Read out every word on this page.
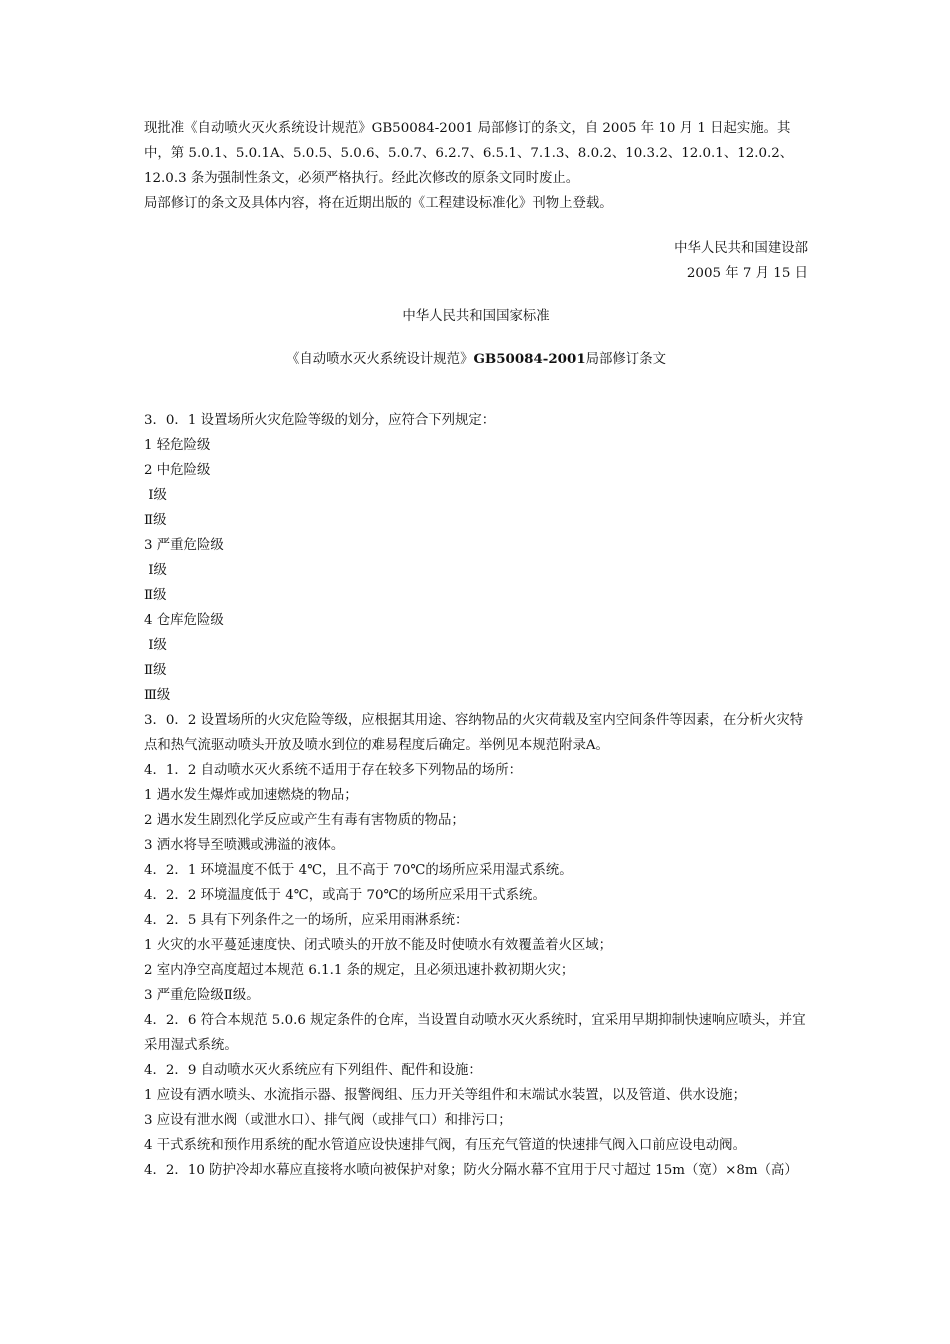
现批准《自动喷火灭火系统设计规范》GB50084-2001 局部修订的条文，自 2005 年 10 月 1 日起实施。其中，第 5.0.1、5.0.1A、5.0.5、5.0.6、5.0.7、6.2.7、6.5.1、7.1.3、8.0.2、10.3.2、12.0.1、12.0.2、12.0.3 条为强制性条文，必须严格执行。经此次修改的原条文同时废止。

局部修订的条文及具体内容，将在近期出版的《工程建设标准化》刊物上登载。

中华人民共和国建设部

2005 年 7 月 15 日

中华人民共和国国家标准

《自动喷水灭火系统设计规范》GB50084-2001局部修订条文

3．0．1 设置场所火灾危险等级的划分，应符合下列规定：

1 轻危险级

2 中危险级

Ⅰ级

Ⅱ级

3 严重危险级

Ⅰ级

Ⅱ级

4 仓库危险级

Ⅰ级

Ⅱ级

Ⅲ级

3．0．2 设置场所的火灾危险等级，应根据其用途、容纳物品的火灾荷载及室内空间条件等因素，在分析火灾特点和热气流驱动喷头开放及喷水到位的难易程度后确定。举例见本规范附录A。

4．1．2 自动喷水灭火系统不适用于存在较多下列物品的场所：

1 遇水发生爆炸或加速燃烧的物品；

2 遇水发生剧烈化学反应或产生有毒有害物质的物品；

3 洒水将导至喷溅或沸溢的液体。

4．2．1 环境温度不低于 4℃，且不高于 70℃的场所应采用湿式系统。

4．2．2 环境温度低于 4℃，或高于 70℃的场所应采用干式系统。

4．2．5 具有下列条件之一的场所，应采用雨淋系统：

1 火灾的水平蔓延速度快、闭式喷头的开放不能及时使喷水有效覆盖着火区域；

2 室内净空高度超过本规范 6.1.1 条的规定，且必须迅速扑救初期火灾；

3 严重危险级Ⅱ级。

4．2．6 符合本规范 5.0.6 规定条件的仓库，当设置自动喷水灭火系统时，宜采用早期抑制快速响应喷头，并宜采用湿式系统。

4．2．9 自动喷水灭火系统应有下列组件、配件和设施：

1 应设有洒水喷头、水流指示器、报警阀组、压力开关等组件和末端试水装置，以及管道、供水设施；

3 应设有泄水阀（或泄水口）、排气阀（或排气口）和排污口；

4 干式系统和预作用系统的配水管道应设快速排气阀，有压充气管道的快速排气阀入口前应设电动阀。

4．2．10 防护冷却水幕应直接将水喷向被保护对象；防火分隔水幕不宜用于尺寸超过 15m（宽）×8m（高）
